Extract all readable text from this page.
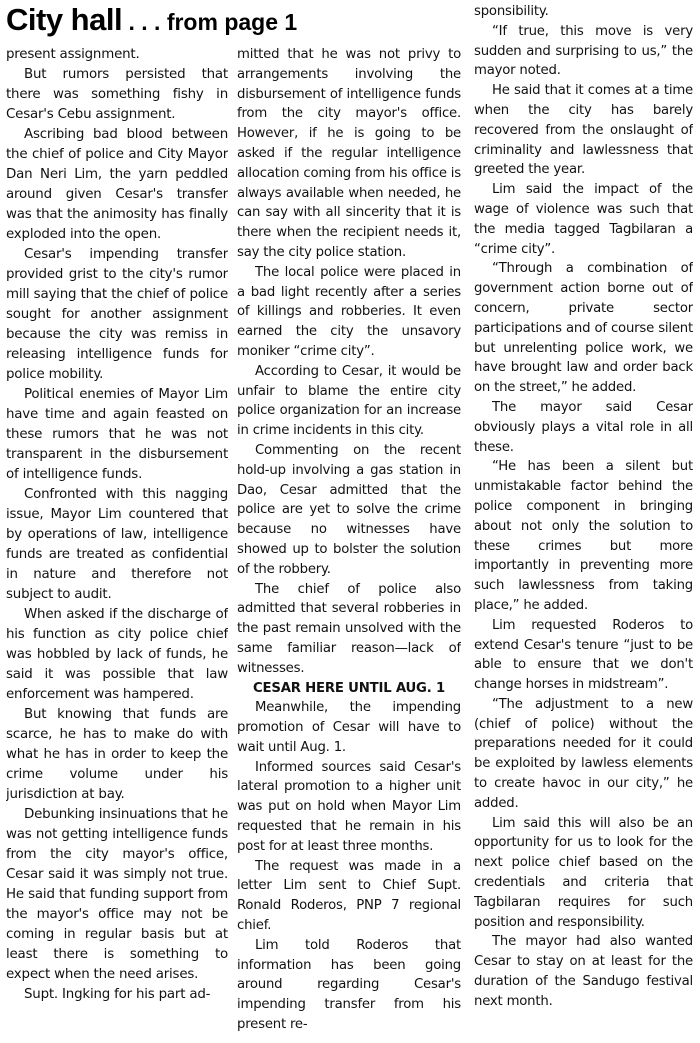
City hall . . . from page 1

present assignment.

But rumors persisted that there was something fishy in Cesar's Cebu assignment.

Ascribing bad blood between the chief of police and City Mayor Dan Neri Lim, the yarn peddled around given Cesar's transfer was that the animosity has finally exploded into the open.

Cesar's impending transfer provided grist to the city's rumor mill saying that the chief of police sought for another assignment because the city was remiss in releasing intelligence funds for police mobility.

Political enemies of Mayor Lim have time and again feasted on these rumors that he was not transparent in the disbursement of intelligence funds.

Confronted with this nagging issue, Mayor Lim countered that by operations of law, intelligence funds are treated as confidential in nature and therefore not subject to audit.

When asked if the discharge of his function as city police chief was hobbled by lack of funds, he said it was possible that law enforcement was hampered.

But knowing that funds are scarce, he has to make do with what he has in order to keep the crime volume under his jurisdiction at bay.

Debunking insinuations that he was not getting intelligence funds from the city mayor's office, Cesar said it was simply not true. He said that funding support from the mayor's office may not be coming in regular basis but at least there is something to expect when the need arises.

Supt. Ingking for his part ad-

mitted that he was not privy to arrangements involving the disbursement of intelligence funds from the city mayor's office. However, if he is going to be asked if the regular intelligence allocation coming from his office is always available when needed, he can say with all sincerity that it is there when the recipient needs it, say the city police station.

The local police were placed in a bad light recently after a series of killings and robberies. It even earned the city the unsavory moniker “crime city”.

According to Cesar, it would be unfair to blame the entire city police organization for an increase in crime incidents in this city.

Commenting on the recent hold-up involving a gas station in Dao, Cesar admitted that the police are yet to solve the crime because no witnesses have showed up to bolster the solution of the robbery.

The chief of police also admitted that several robberies in the past remain unsolved with the same familiar reason—lack of witnesses.

CESAR HERE UNTIL AUG. 1

Meanwhile, the impending promotion of Cesar will have to wait until Aug. 1.

Informed sources said Cesar's lateral promotion to a higher unit was put on hold when Mayor Lim requested that he remain in his post for at least three months.

The request was made in a letter Lim sent to Chief Supt. Ronald Roderos, PNP 7 regional chief.

Lim told Roderos that information has been going around regarding Cesar's impending transfer from his present re-

sponsibility.

“If true, this move is very sudden and surprising to us,” the mayor noted.

He said that it comes at a time when the city has barely recovered from the onslaught of criminality and lawlessness that greeted the year.

Lim said the impact of the wage of violence was such that the media tagged Tagbilaran a “crime city”.

“Through a combination of government action borne out of concern, private sector participations and of course silent but unrelenting police work, we have brought law and order back on the street,” he added.

The mayor said Cesar obviously plays a vital role in all these.

“He has been a silent but unmistakable factor behind the police component in bringing about not only the solution to these crimes but more importantly in preventing more such lawlessness from taking place,” he added.

Lim requested Roderos to extend Cesar's tenure “just to be able to ensure that we don't change horses in midstream”.

“The adjustment to a new (chief of police) without the preparations needed for it could be exploited by lawless elements to create havoc in our city,” he added.

Lim said this will also be an opportunity for us to look for the next police chief based on the credentials and criteria that Tagbilaran requires for such position and responsibility.

The mayor had also wanted Cesar to stay on at least for the duration of the Sandugo festival next month.
